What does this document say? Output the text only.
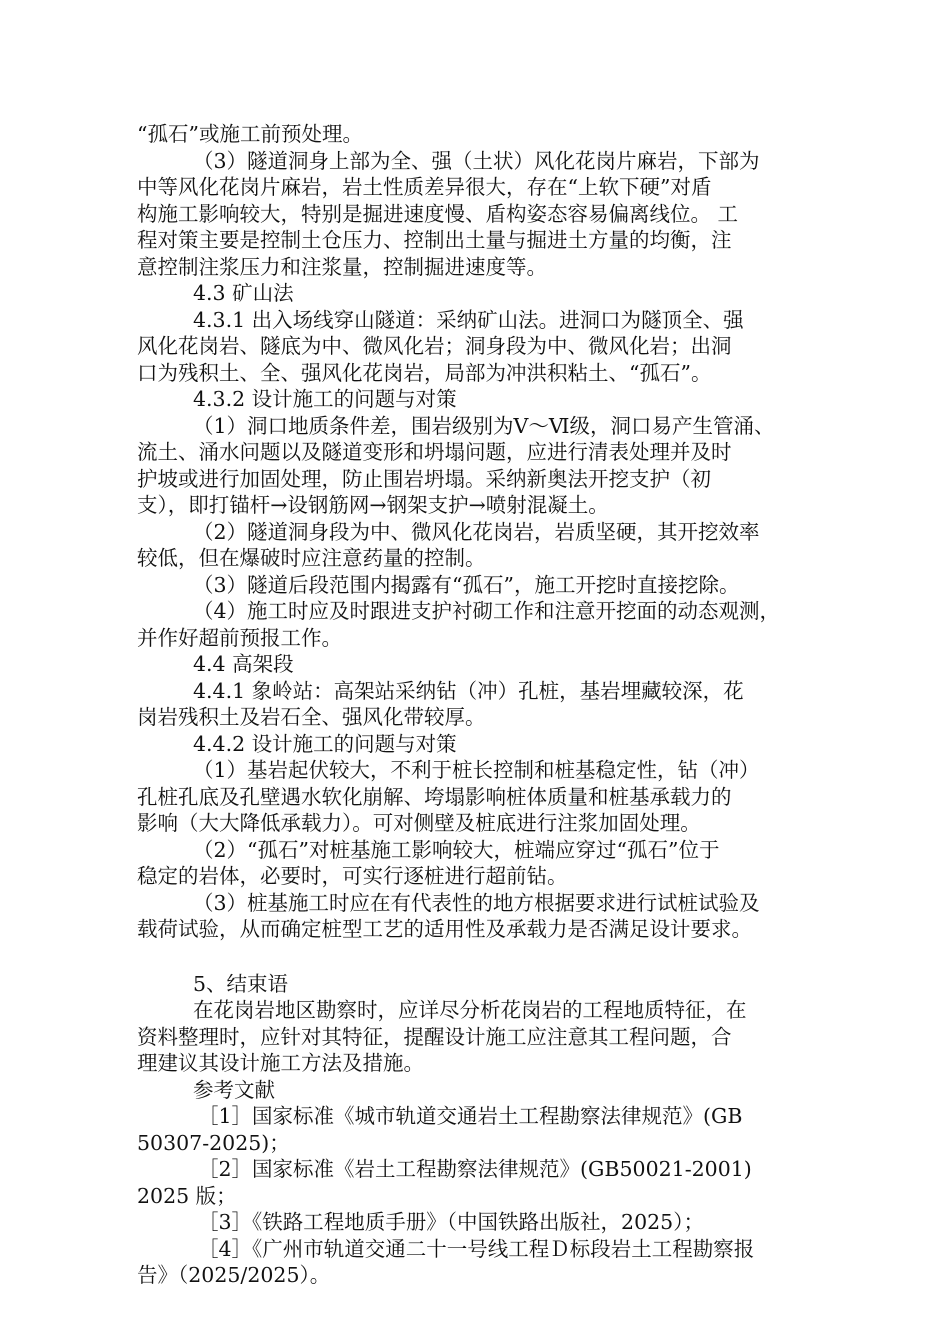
“孤石”或施工前预处理。
（3）隧道洞身上部为全、强（土状）风化花岗片麻岩，下部为
中等风化花岗片麻岩，岩土性质差异很大，存在“上软下硬”对盾
构施工影响较大，特别是掘进速度慢、盾构姿态容易偏离线位。 工
程对策主要是控制土仓压力、控制出土量与掘进土方量的均衡，注
意控制注浆压力和注浆量，控制掘进速度等。
4.3 矿山法
4.3.1 出入场线穿山隧道：采纳矿山法。进洞口为隧顶全、强
风化花岗岩、隧底为中、微风化岩；洞身段为中、微风化岩；出洞
口为残积土、全、强风化花岗岩，局部为冲洪积粘土、“孤石”。
4.3.2 设计施工的问题与对策
（1）洞口地质条件差，围岩级别为Ⅴ～Ⅵ级，洞口易产生管涌、
流土、涌水问题以及隧道变形和坍塌问题，应进行清表处理并及时
护坡或进行加固处理，防止围岩坍塌。采纳新奥法开挖支护（初
支），即打锚杆→设钢筋网→钢架支护→喷射混凝土。
（2）隧道洞身段为中、微风化花岗岩，岩质坚硬，其开挖效率
较低，但在爆破时应注意药量的控制。
（3）隧道后段范围内揭露有“孤石”，施工开挖时直接挖除。
（4）施工时应及时跟进支护衬砌工作和注意开挖面的动态观测，
并作好超前预报工作。
4.4 高架段
4.4.1 象岭站：高架站采纳钻（冲）孔桩，基岩埋藏较深，花
岗岩残积土及岩石全、强风化带较厚。
4.4.2 设计施工的问题与对策
（1）基岩起伏较大，不利于桩长控制和桩基稳定性，钻（冲）
孔桩孔底及孔壁遇水软化崩解、垮塌影响桩体质量和桩基承载力的
影响（大大降低承载力）。可对侧壁及桩底进行注浆加固处理。
（2）“孤石”对桩基施工影响较大，桩端应穿过“孤石”位于
稳定的岩体，必要时，可实行逐桩进行超前钻。
（3）桩基施工时应在有代表性的地方根据要求进行试桩试验及
载荷试验，从而确定桩型工艺的适用性及承载力是否满足设计要求。
5、结束语
在花岗岩地区勘察时，应详尽分析花岗岩的工程地质特征，在
资料整理时，应针对其特征，提醒设计施工应注意其工程问题，合
理建议其设计施工方法及措施。
参考文献
［1］国家标准《城市轨道交通岩土工程勘察法律规范》(GB
50307-2025)；
［2］国家标准《岩土工程勘察法律规范》(GB50021-2001)
2025 版；
［3］《铁路工程地质手册》（中国铁路出版社，2025）；
［4］《广州市轨道交通二十一号线工程Ｄ标段岩土工程勘察报
告》（2025/2025）。
